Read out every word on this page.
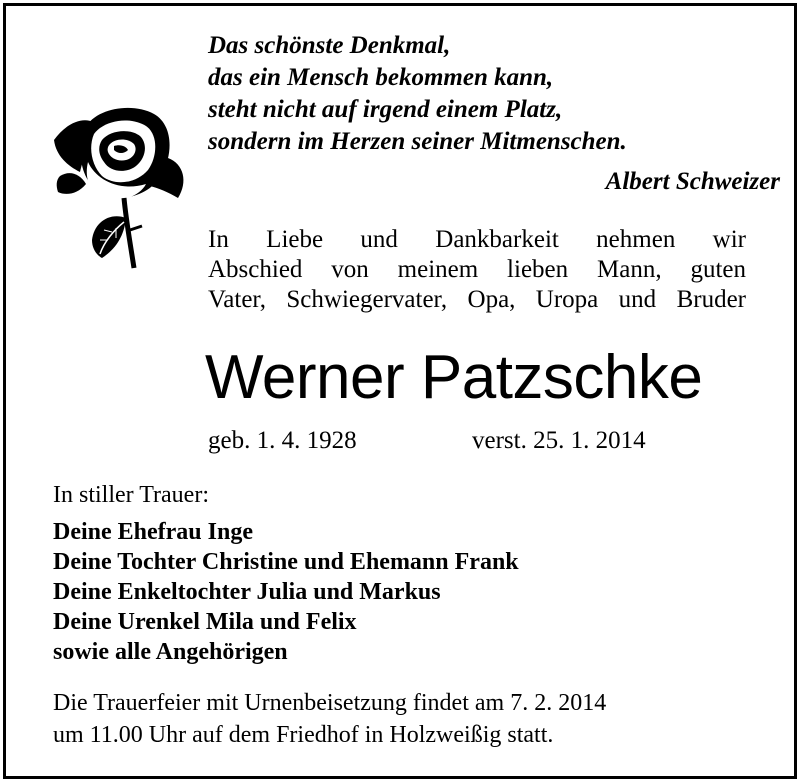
Das schönste Denkmal,
das ein Mensch bekommen kann,
steht nicht auf irgend einem Platz,
sondern im Herzen seiner Mitmenschen.
Albert Schweizer
In Liebe und Dankbarkeit nehmen wir
Abschied von meinem lieben Mann, guten
Vater, Schwiegervater, Opa, Uropa und Bruder
Werner Patzschke
geb. 1. 4. 1928	verst. 25. 1. 2014
In stiller Trauer:
Deine Ehefrau Inge
Deine Tochter Christine und Ehemann Frank
Deine Enkeltochter Julia und Markus
Deine Urenkel Mila und Felix
sowie alle Angehörigen
Die Trauerfeier mit Urnenbeisetzung findet am 7. 2. 2014
um 11.00 Uhr auf dem Friedhof in Holzweißig statt.
